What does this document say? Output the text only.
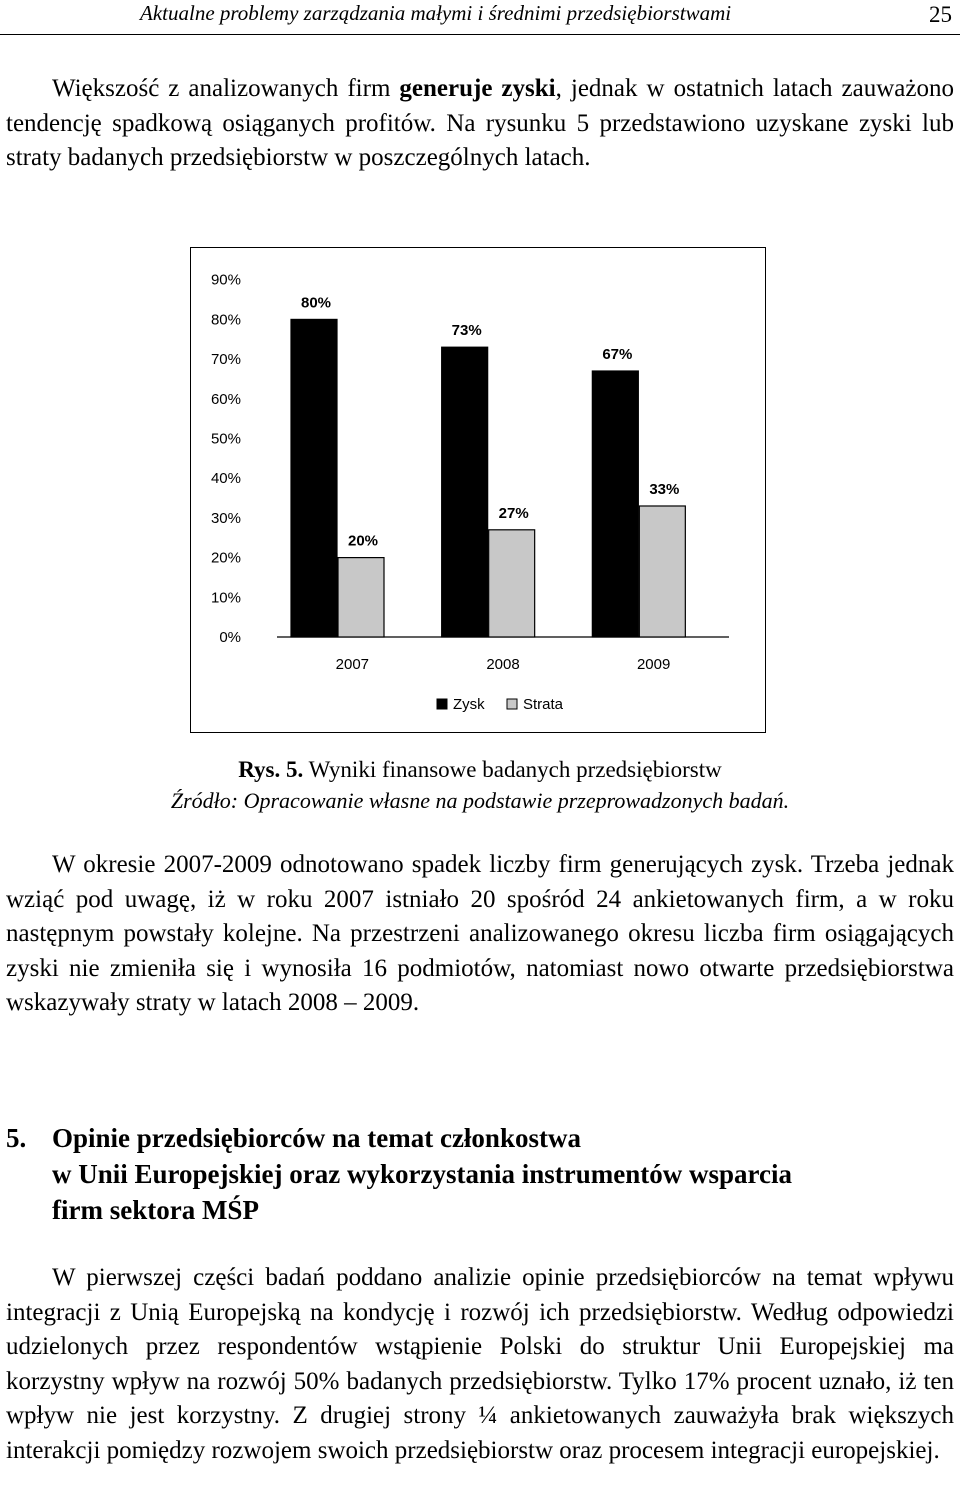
Aktualne problemy zarządzania małymi i średnimi przedsiębiorstwami	25

Większość z analizowanych firm generuje zyski, jednak w ostatnich latach zauważono tendencję spadkową osiąganych profitów. Na rysunku 5 przedstawiono uzyskane zyski lub straty badanych przedsiębiorstw w poszczególnych latach.

0%
10%
20%
30%
40%
50%
60%
70%
80%
90%
80%
20%
2007
73%
27%
2008
67%
33%
2009
Zysk	Strata
Rys. 5. Wyniki finansowe badanych przedsiębiorstw
Źródło: Opracowanie własne na podstawie przeprowadzonych badań.

W okresie 2007-2009 odnotowano spadek liczby firm generujących zysk. Trzeba jednak wziąć pod uwagę, iż w roku 2007 istniało 20 spośród 24 ankietowanych firm, a w roku następnym powstały kolejne. Na przestrzeni analizowanego okresu liczba firm osiągających zyski nie zmieniła się i wynosiła 16 podmiotów, natomiast nowo otwarte przedsiębiorstwa wskazywały straty w latach 2008 – 2009.

5. Opinie przedsiębiorców na temat członkostwa
w Unii Europejskiej oraz wykorzystania instrumentów wsparcia
firm sektora MŚP

W pierwszej części badań poddano analizie opinie przedsiębiorców na temat wpływu integracji z Unią Europejską na kondycję i rozwój ich przedsiębiorstw. Według odpowiedzi udzielonych przez respondentów wstąpienie Polski do struktur Unii Europejskiej ma korzystny wpływ na rozwój 50% badanych przedsiębiorstw. Tylko 17% procent uznało, iż ten wpływ nie jest korzystny. Z drugiej strony ¼ ankietowanych zauważyła brak większych interakcji pomiędzy rozwojem swoich przedsiębiorstw oraz procesem integracji europejskiej.
